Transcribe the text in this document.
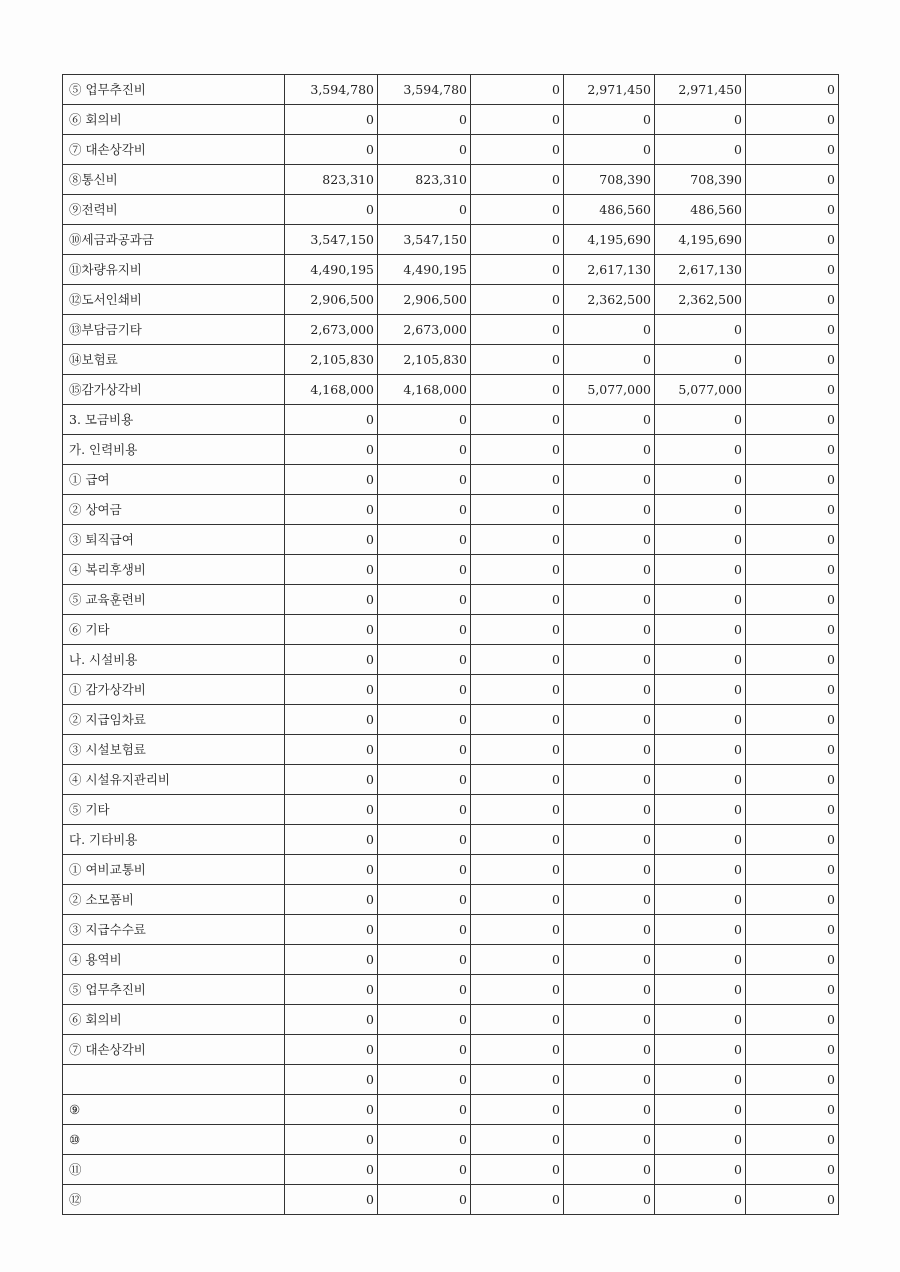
⑤ 업무추진비	3,594,780	3,594,780	0	2,971,450	2,971,450	0
⑥ 회의비	0	0	0	0	0	0
⑦ 대손상각비	0	0	0	0	0	0
⑧통신비	823,310	823,310	0	708,390	708,390	0
⑨전력비	0	0	0	486,560	486,560	0
⑩세금과공과금	3,547,150	3,547,150	0	4,195,690	4,195,690	0
⑪차량유지비	4,490,195	4,490,195	0	2,617,130	2,617,130	0
⑫도서인쇄비	2,906,500	2,906,500	0	2,362,500	2,362,500	0
⑬부담금기타	2,673,000	2,673,000	0	0	0	0
⑭보험료	2,105,830	2,105,830	0	0	0	0
⑮감가상각비	4,168,000	4,168,000	0	5,077,000	5,077,000	0
3. 모금비용	0	0	0	0	0	0
가. 인력비용	0	0	0	0	0	0
① 급여	0	0	0	0	0	0
② 상여금	0	0	0	0	0	0
③ 퇴직급여	0	0	0	0	0	0
④ 복리후생비	0	0	0	0	0	0
⑤ 교육훈련비	0	0	0	0	0	0
⑥ 기타	0	0	0	0	0	0
나. 시설비용	0	0	0	0	0	0
① 감가상각비	0	0	0	0	0	0
② 지급임차료	0	0	0	0	0	0
③ 시설보험료	0	0	0	0	0	0
④ 시설유지관리비	0	0	0	0	0	0
⑤ 기타	0	0	0	0	0	0
다. 기타비용	0	0	0	0	0	0
① 여비교통비	0	0	0	0	0	0
② 소모품비	0	0	0	0	0	0
③ 지급수수료	0	0	0	0	0	0
④ 용역비	0	0	0	0	0	0
⑤ 업무추진비	0	0	0	0	0	0
⑥ 회의비	0	0	0	0	0	0
⑦ 대손상각비	0	0	0	0	0	0
	0	0	0	0	0	0
⑨	0	0	0	0	0	0
⑩	0	0	0	0	0	0
⑪	0	0	0	0	0	0
⑫	0	0	0	0	0	0
